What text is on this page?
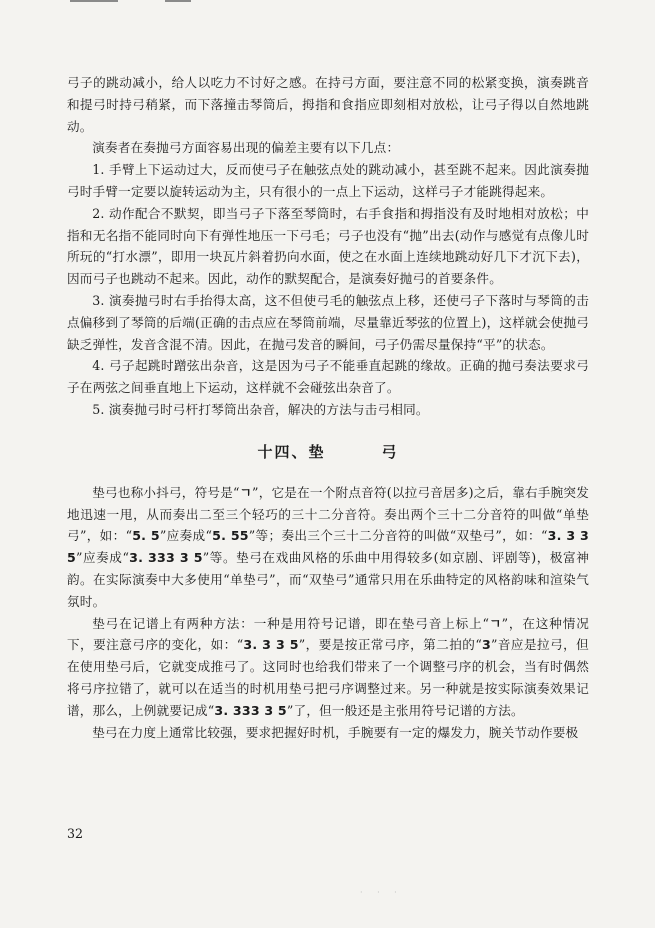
弓子的跳动减小，给人以吃力不讨好之感。在持弓方面，要注意不同的松紧变换，演奏跳音和提弓时持弓稍紧，而下落撞击琴筒后，拇指和食指应即刻相对放松，让弓子得以自然地跳动。

演奏者在奏抛弓方面容易出现的偏差主要有以下几点：

1. 手臂上下运动过大，反而使弓子在触弦点处的跳动减小，甚至跳不起来。因此演奏抛弓时手臂一定要以旋转运动为主，只有很小的一点上下运动，这样弓子才能跳得起来。

2. 动作配合不默契，即当弓子下落至琴筒时，右手食指和拇指没有及时地相对放松；中指和无名指不能同时向下有弹性地压一下弓毛；弓子也没有“抛”出去(动作与感觉有点像儿时所玩的“打水漂”，即用一块瓦片斜着扔向水面，使之在水面上连续地跳动好几下才沉下去)，因而弓子也跳动不起来。因此，动作的默契配合，是演奏好抛弓的首要条件。

3. 演奏抛弓时右手抬得太高，这不但使弓毛的触弦点上移，还使弓子下落时与琴筒的击点偏移到了琴筒的后端(正确的击点应在琴筒前端，尽量靠近琴弦的位置上)，这样就会使抛弓缺乏弹性，发音含混不清。因此，在抛弓发音的瞬间，弓子仍需尽量保持“平”的状态。

4. 弓子起跳时蹭弦出杂音，这是因为弓子不能垂直起跳的缘故。正确的抛弓奏法要求弓子在两弦之间垂直地上下运动，这样就不会碰弦出杂音了。

5. 演奏抛弓时弓杆打琴筒出杂音，解决的方法与击弓相同。

十四、垫	弓

垫弓也称小抖弓，符号是“ㄱ”，它是在一个附点音符(以拉弓音居多)之后，靠右手腕突发地迅速一甩，从而奏出二至三个轻巧的三十二分音符。奏出两个三十二分音符的叫做“单垫弓”，如：“5. 5”应奏成“5. 55”等；奏出三个三十二分音符的叫做“双垫弓”，如：“3. 3 3 5”应奏成“3. 333 3 5”等。垫弓在戏曲风格的乐曲中用得较多(如京剧、评剧等)，极富神韵。在实际演奏中大多使用“单垫弓”，而“双垫弓”通常只用在乐曲特定的风格韵味和渲染气氛时。

垫弓在记谱上有两种方法：一种是用符号记谱，即在垫弓音上标上“ㄱ”，在这种情况下，要注意弓序的变化，如：“3. 3 3 5”，要是按正常弓序，第二拍的“3”音应是拉弓，但在使用垫弓后，它就变成推弓了。这同时也给我们带来了一个调整弓序的机会，当有时偶然将弓序拉错了，就可以在适当的时机用垫弓把弓序调整过来。另一种就是按实际演奏效果记谱，那么，上例就要记成“3. 333 3 5”了，但一般还是主张用符号记谱的方法。

垫弓在力度上通常比较强，要求把握好时机，手腕要有一定的爆发力，腕关节动作要极

32
· · ·
